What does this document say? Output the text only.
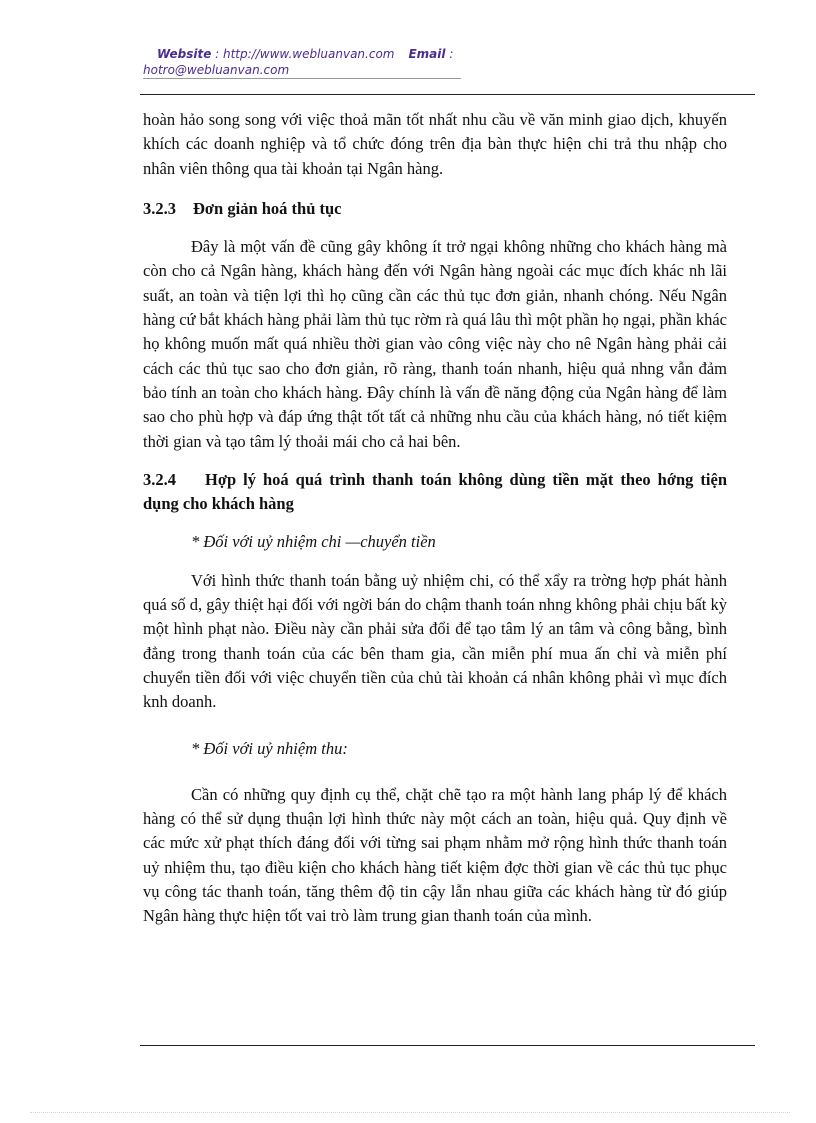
Website : http://www.webluanvan.com Email :
hotro@webluanvan.com

hoàn hảo song song với việc thoả mãn tốt nhất nhu cầu về văn minh giao dịch, khuyến khích các doanh nghiệp và tổ chức đóng trên địa bàn thực hiện chi trả thu nhập cho nhân viên thông qua tài khoản tại Ngân hàng.

3.2.3 Đơn giản hoá thủ tục

Đây là một vấn đề cũng gây không ít trở ngại không những cho khách hàng mà còn cho cả Ngân hàng, khách hàng đến với Ngân hàng ngoài các mục đích khác nh lãi suất, an toàn và tiện lợi thì họ cũng cần các thủ tục đơn giản, nhanh chóng. Nếu Ngân hàng cứ bắt khách hàng phải làm thủ tục rờm rà quá lâu thì một phần họ ngại, phần khác họ không muốn mất quá nhiều thời gian vào công việc này cho nê Ngân hàng phải cải cách các thủ tục sao cho đơn giản, rõ ràng, thanh toán nhanh, hiệu quả nhng vẫn đảm bảo tính an toàn cho khách hàng. Đây chính là vấn đề năng động của Ngân hàng để làm sao cho phù hợp và đáp ứng thật tốt tất cả những nhu cầu của khách hàng, nó tiết kiệm thời gian và tạo tâm lý thoải mái cho cả hai bên.

3.2.4 Hợp lý hoá quá trình thanh toán không dùng tiền mặt theo hớng tiện dụng cho khách hàng

* Đối với uỷ nhiệm chi —chuyển tiền

Với hình thức thanh toán bằng uỷ nhiệm chi, có thể xẩy ra trờng hợp phát hành quá số d, gây thiệt hại đối với ngời bán do chậm thanh toán nhng không phải chịu bất kỳ một hình phạt nào. Điều này cần phải sửa đổi để tạo tâm lý an tâm và công bằng, bình đẳng trong thanh toán của các bên tham gia, cần miễn phí mua ấn chỉ và miễn phí chuyển tiền đối với việc chuyển tiền của chủ tài khoản cá nhân không phải vì mục đích knh doanh.

* Đối với uỷ nhiệm thu:

Cần có những quy định cụ thể, chặt chẽ tạo ra một hành lang pháp lý để khách hàng có thể sử dụng thuận lợi hình thức này một cách an toàn, hiệu quả. Quy định về các mức xử phạt thích đáng đối với từng sai phạm nhằm mở rộng hình thức thanh toán uỷ nhiệm thu, tạo điều kiện cho khách hàng tiết kiệm đợc thời gian về các thủ tục phục vụ công tác thanh toán, tăng thêm độ tin cậy lẫn nhau giữa các khách hàng từ đó giúp Ngân hàng thực hiện tốt vai trò làm trung gian thanh toán của mình.
